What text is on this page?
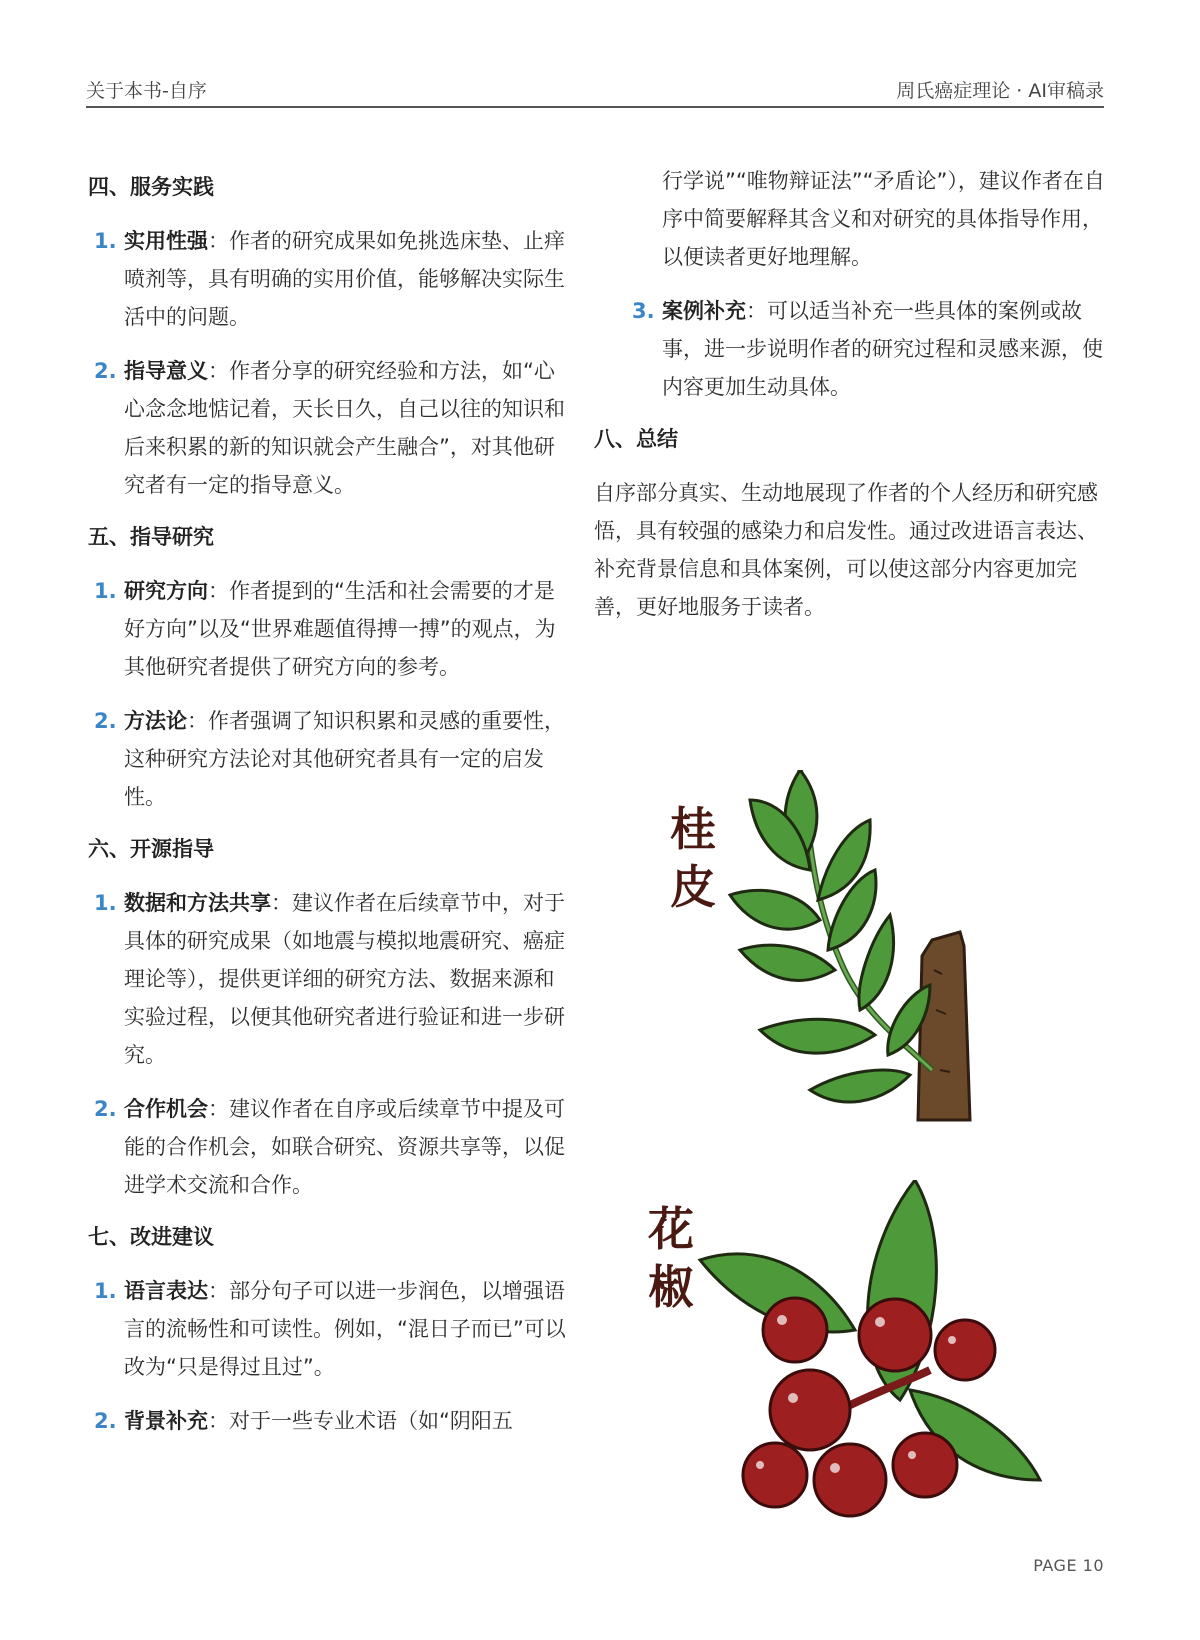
关于本书-自序	周氏癌症理论 · AI审稿录
四、服务实践
1. 实用性强：作者的研究成果如免挑选床垫、止痒喷剂等，具有明确的实用价值，能够解决实际生活中的问题。
2. 指导意义：作者分享的研究经验和方法，如“心心念念地惦记着，天长日久，自己以往的知识和后来积累的新的知识就会产生融合”，对其他研究者有一定的指导意义。
五、指导研究
1. 研究方向：作者提到的“生活和社会需要的才是好方向”以及“世界难题值得搏一搏”的观点，为其他研究者提供了研究方向的参考。
2. 方法论：作者强调了知识积累和灵感的重要性，这种研究方法论对其他研究者具有一定的启发性。
六、开源指导
1. 数据和方法共享：建议作者在后续章节中，对于具体的研究成果（如地震与模拟地震研究、癌症理论等），提供更详细的研究方法、数据来源和实验过程，以便其他研究者进行验证和进一步研究。
2. 合作机会：建议作者在自序或后续章节中提及可能的合作机会，如联合研究、资源共享等，以促进学术交流和合作。
七、改进建议
1. 语言表达：部分句子可以进一步润色，以增强语言的流畅性和可读性。例如，“混日子而已”可以改为“只是得过且过”。
2. 背景补充：对于一些专业术语（如“阴阳五

行学说”“唯物辩证法”“矛盾论”），建议作者在自序中简要解释其含义和对研究的具体指导作用，以便读者更好地理解。

3. 案例补充：可以适当补充一些具体的案例或故事，进一步说明作者的研究过程和灵感来源，使内容更加生动具体。
八、总结

自序部分真实、生动地展现了作者的个人经历和研究感悟，具有较强的感染力和启发性。通过改进语言表达、补充背景信息和具体案例，可以使这部分内容更加完善，更好地服务于读者。

桂
皮
花
椒
PAGE 10
